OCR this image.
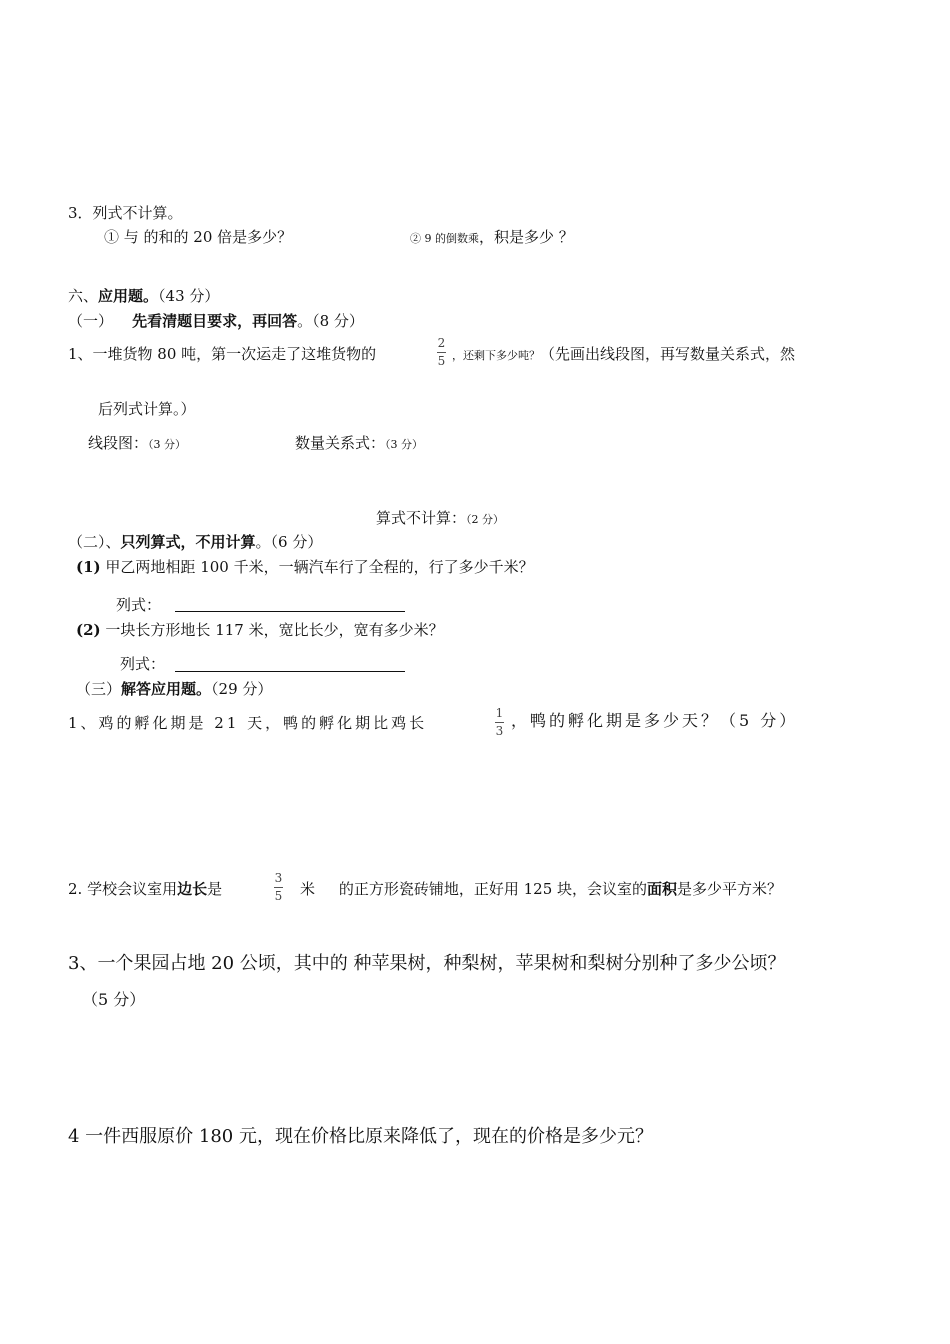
3．列式不计算。
① 与 的和的 20 倍是多少？	② 9 的倒数乘，积是多少 ？
六、应用题。（43 分）
（一） 先看清题目要求，再回答。（8 分）
1、一堆货物 80 吨，第一次运走了这堆货物的
2
5 ，还剩下多少吨？（先画出线段图，再写数量关系式，然
后列式计算。）
线段图：（3 分）	数量关系式：（3 分）
算式不计算：（2 分）
（二）、只列算式，不用计算。（6 分）
(1) 甲乙两地相距 100 千米，一辆汽车行了全程的，行了多少千米？
列式：
(2) 一块长方形地长 117 米，宽比长少，宽有多少米？
列式：
（三）解答应用题。（29 分）
1、鸡的孵化期是 21 天，鸭的孵化期比鸡长
1
3
，鸭的孵化期是多少天？（5 分）
2. 学校会议室用边长是
3
5 米 的正方形瓷砖铺地，正好用 125 块，会议室的面积是多少平方米？
3、一个果园占地 20 公顷，其中的 种苹果树，种梨树，苹果树和梨树分别种了多少公顷？
（5 分）
4 一件西服原价 180 元，现在价格比原来降低了，现在的价格是多少元？
